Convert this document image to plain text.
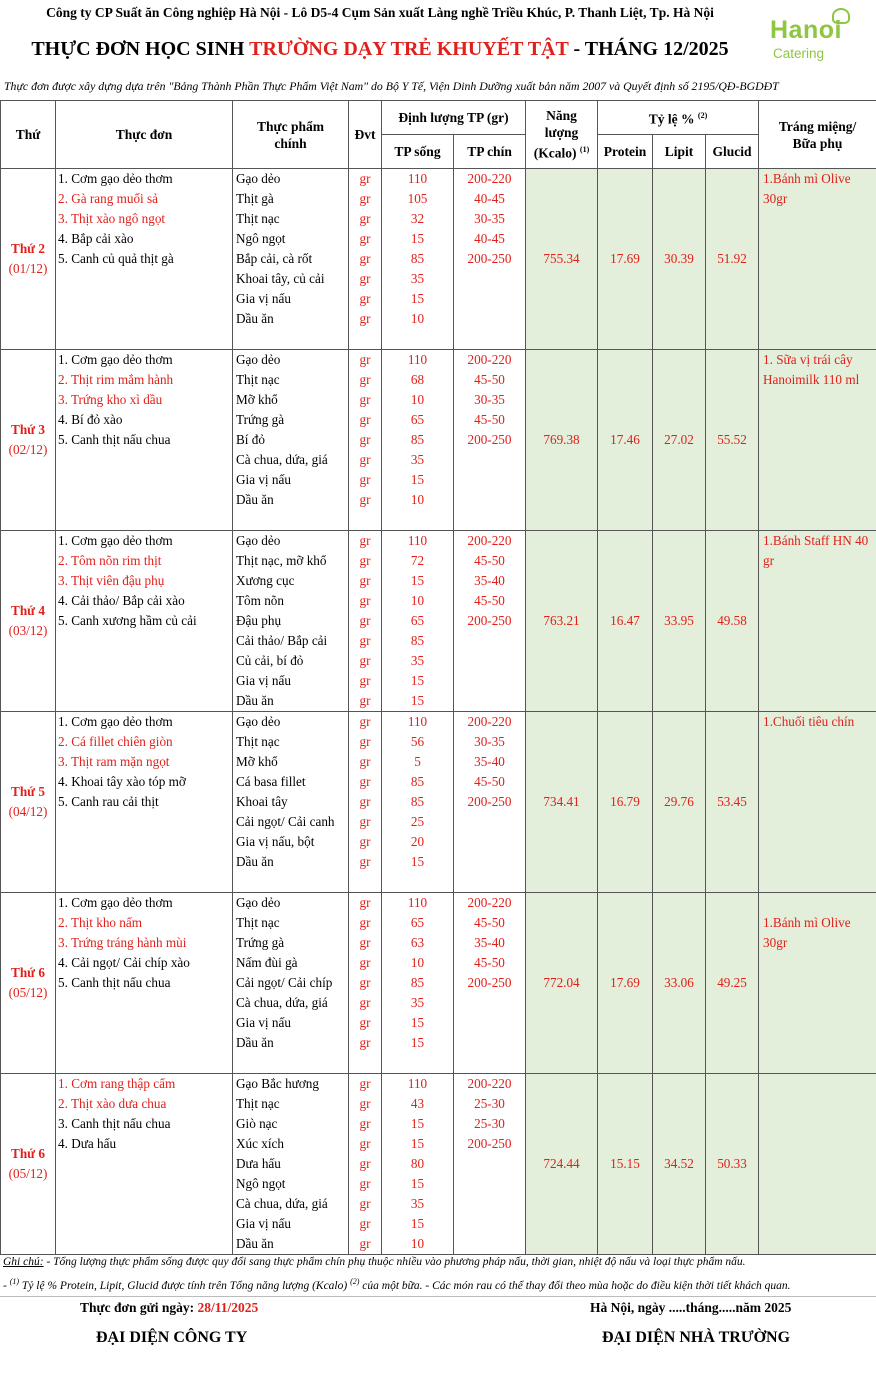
Công ty CP Suất ăn Công nghiệp Hà Nội - Lô D5-4 Cụm Sản xuất Làng nghề Triều Khúc, P. Thanh Liệt, Tp. Hà Nội
Hanoi
Catering
THỰC ĐƠN HỌC SINH TRƯỜNG DẠY TRẺ KHUYẾT TẬT - THÁNG 12/2025
Thực đơn được xây dựng dựa trên "Bảng Thành Phần Thực Phẩm Việt Nam" do Bộ Y Tế, Viện Dinh Dưỡng xuất bản năm 2007 và Quyết định số 2195/QĐ-BGDĐT
Thứ	Thực đơn	Thực phẩm chính	Đvt	Định lượng TP (gr)		Năng lượng (Kcalo) $^{(1)}$	Tỷ lệ % $^{(2)}$			Tráng miệng/ Bữa phụ
				TP sống	TP chín		Protein	Lipit	Glucid	

Thứ 2
(01/12)	1. Cơm gạo dẻo thơm	Gạo dẻo	gr	110	200-220	755.34	17.69	30.39	51.92	1.Bánh mì Olive 30gr

	2. Gà rang muối sả	Thịt gà	gr	105	40-45					
	3. Thịt xào ngô ngọt	Thịt nạc	gr	32	30-35					
	4. Bắp cải xào	Ngô ngọt	gr	15	40-45					
	5. Canh củ quả thịt gà	Bắp cải, cà rốt	gr	85	200-250					
		Khoai tây, củ cải	gr	35						
		Gia vị nấu	gr	15						
		Dầu ăn	gr	10						

Thứ 3
(02/12)	1. Cơm gạo dẻo thơm	Gạo dẻo	gr	110	200-220	769.38	17.46	27.02	55.52	1. Sữa vị trái cây Hanoimilk 110 ml

	2. Thịt rim mắm hành	Thịt nạc	gr	68	45-50					
	3. Trứng kho xì dầu	Mỡ khổ	gr	10	30-35					
	4. Bí đỏ xào	Trứng gà	gr	65	45-50					
	5. Canh thịt nấu chua	Bí đỏ	gr	85	200-250					
		Cà chua, dứa, giá	gr	35						
		Gia vị nấu	gr	15						
		Dầu ăn	gr	10						

Thứ 4
(03/12)	1. Cơm gạo dẻo thơm	Gạo dẻo	gr	110	200-220	763.21	16.47	33.95	49.58	1.Bánh Staff HN 40 gr

	2. Tôm nõn rim thịt	Thịt nạc, mỡ khổ	gr	72	45-50					
	3. Thịt viên đậu phụ	Xương cục	gr	15	35-40					
	4. Cải thảo/ Bắp cải xào	Tôm nõn	gr	10	45-50					
	5. Canh xương hầm củ cải	Đậu phụ	gr	65	200-250					
		Cải thảo/ Bắp cải	gr	85						
		Củ cải, bí đỏ	gr	35						
		Gia vị nấu	gr	15						
		Dầu ăn	gr	15						

Thứ 5
(04/12)	1. Cơm gạo dẻo thơm	Gạo dẻo	gr	110	200-220	734.41	16.79	29.76	53.45	1.Chuối tiêu chín

	2. Cá fillet chiên giòn	Thịt nạc	gr	56	30-35					
	3. Thịt ram mặn ngọt	Mỡ khổ	gr	5	35-40					
	4. Khoai tây xào tóp mỡ	Cá basa fillet	gr	85	45-50					
	5. Canh rau cải thịt	Khoai tây	gr	85	200-250					
		Cải ngọt/ Cải canh	gr	25						
		Gia vị nấu, bột	gr	20						
		Dầu ăn	gr	15						

Thứ 6
(05/12)	1. Cơm gạo dẻo thơm	Gạo dẻo	gr	110	200-220	772.04	17.69	33.06	49.25	1.Bánh mì Olive 30gr

	2. Thịt kho nấm	Thịt nạc	gr	65	45-50					
	3. Trứng tráng hành mùi	Trứng gà	gr	63	35-40					
	4. Cải ngọt/ Cải chíp xào	Nấm đùi gà	gr	10	45-50					
	5. Canh thịt nấu chua	Cải ngọt/ Cải chíp	gr	85	200-250					
		Cà chua, dứa, giá	gr	35						
		Gia vị nấu	gr	15						
		Dầu ăn	gr	15						

Thứ 6
(05/12)	1. Cơm rang thập cẩm	Gạo Bắc hương	gr	110	200-220	724.44	15.15	34.52	50.33	

	2. Thịt xào dưa chua	Thịt nạc	gr	43	25-30					
	3. Canh thịt nấu chua	Giò nạc	gr	15	25-30					
	4. Dưa hấu	Xúc xích	gr	15	200-250					
		Dưa hấu	gr	80						
		Ngô ngọt	gr	15						
		Cà chua, dứa, giá	gr	35						
		Gia vị nấu	gr	15						
		Dầu ăn	gr	10						
Ghi chú: - Tổng lượng thực phẩm sống được quy đổi sang thực phẩm chín phụ thuộc nhiều vào phương pháp nấu, thời gian, nhiệt độ nấu và loại thực phẩm nấu.
- $^{(1)}$ Tỷ lệ % Protein, Lipit, Glucid được tính trên Tổng năng lượng (Kcalo) $^{(2)}$ của một bữa. - Các món rau có thể thay đổi theo mùa hoặc do điều kiện thời tiết khách quan.
Thực đơn gửi ngày: 28/11/2025	Hà Nội, ngày .....tháng.....năm 2025
ĐẠI DIỆN CÔNG TY	ĐẠI DIỆN NHÀ TRƯỜNG
